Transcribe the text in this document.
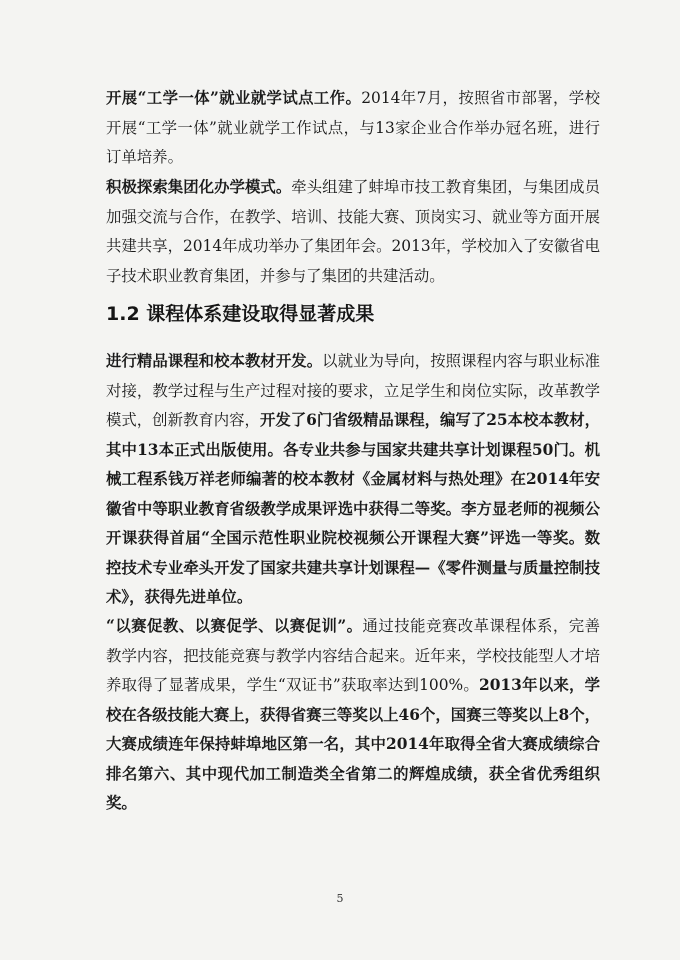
开展“工学一体”就业就学试点工作。2014年7月，按照省市部署，学校开展“工学一体”就业就学工作试点，与13家企业合作举办冠名班，进行订单培养。

积极探索集团化办学模式。牵头组建了蚌埠市技工教育集团，与集团成员加强交流与合作，在教学、培训、技能大赛、顶岗实习、就业等方面开展共建共享，2014年成功举办了集团年会。2013年，学校加入了安徽省电子技术职业教育集团，并参与了集团的共建活动。

1.2 课程体系建设取得显著成果

进行精品课程和校本教材开发。以就业为导向，按照课程内容与职业标准对接，教学过程与生产过程对接的要求，立足学生和岗位实际，改革教学模式，创新教育内容，开发了6门省级精品课程，编写了25本校本教材，其中13本正式出版使用。各专业共参与国家共建共享计划课程50门。机械工程系钱万祥老师编著的校本教材《金属材料与热处理》在2014年安徽省中等职业教育省级教学成果评选中获得二等奖。李方显老师的视频公开课获得首届“全国示范性职业院校视频公开课程大赛”评选一等奖。数控技术专业牵头开发了国家共建共享计划课程—《零件测量与质量控制技术》，获得先进单位。

“以赛促教、以赛促学、以赛促训”。通过技能竞赛改革课程体系，完善教学内容，把技能竞赛与教学内容结合起来。近年来，学校技能型人才培养取得了显著成果，学生“双证书”获取率达到100%。2013年以来，学校在各级技能大赛上，获得省赛三等奖以上46个，国赛三等奖以上8个，大赛成绩连年保持蚌埠地区第一名，其中2014年取得全省大赛成绩综合排名第六、其中现代加工制造类全省第二的辉煌成绩，获全省优秀组织奖。

5
